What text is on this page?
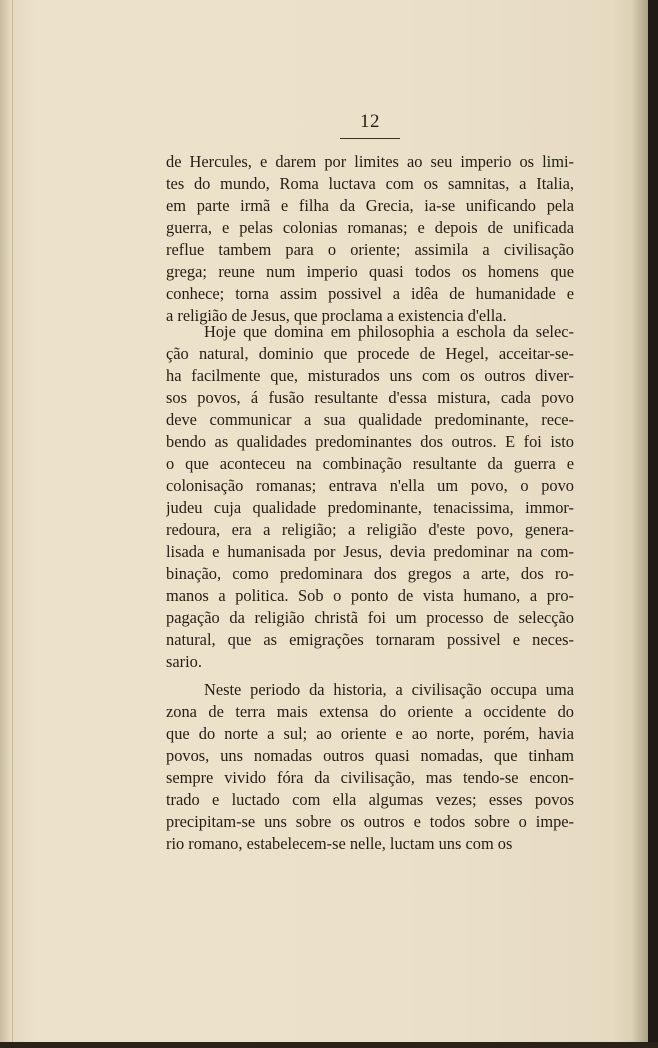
12
de Hercules, e darem por limites ao seu imperio os limi-
tes do mundo, Roma luctava com os samnitas, a Italia,
em parte irmã e filha da Grecia, ia-se unificando pela
guerra, e pelas colonias romanas; e depois de unificada
reflue tambem para o oriente; assimila a civilisação
grega; reune num imperio quasi todos os homens que
conhece; torna assim possivel a idêa de humanidade e
a religião de Jesus, que proclama a existencia d'ella.
Hoje que domina em philosophia a eschola da selec-
ção natural, dominio que procede de Hegel, acceitar-se-
ha facilmente que, misturados uns com os outros diver-
sos povos, á fusão resultante d'essa mistura, cada povo
deve communicar a sua qualidade predominante, rece-
bendo as qualidades predominantes dos outros. E foi isto
o que aconteceu na combinação resultante da guerra e
colonisação romanas; entrava n'ella um povo, o povo
judeu cuja qualidade predominante, tenacissima, immor-
redoura, era a religião; a religião d'este povo, genera-
lisada e humanisada por Jesus, devia predominar na com-
binação, como predominara dos gregos a arte, dos ro-
manos a politica. Sob o ponto de vista humano, a pro-
pagação da religião christã foi um processo de selecção
natural, que as emigrações tornaram possivel e neces-
sario.
Neste periodo da historia, a civilisação occupa uma
zona de terra mais extensa do oriente a occidente do
que do norte a sul; ao oriente e ao norte, porém, havia
povos, uns nomadas outros quasi nomadas, que tinham
sempre vivido fóra da civilisação, mas tendo-se encon-
trado e luctado com ella algumas vezes; esses povos
precipitam-se uns sobre os outros e todos sobre o impe-
rio romano, estabelecem-se nelle, luctam uns com os
